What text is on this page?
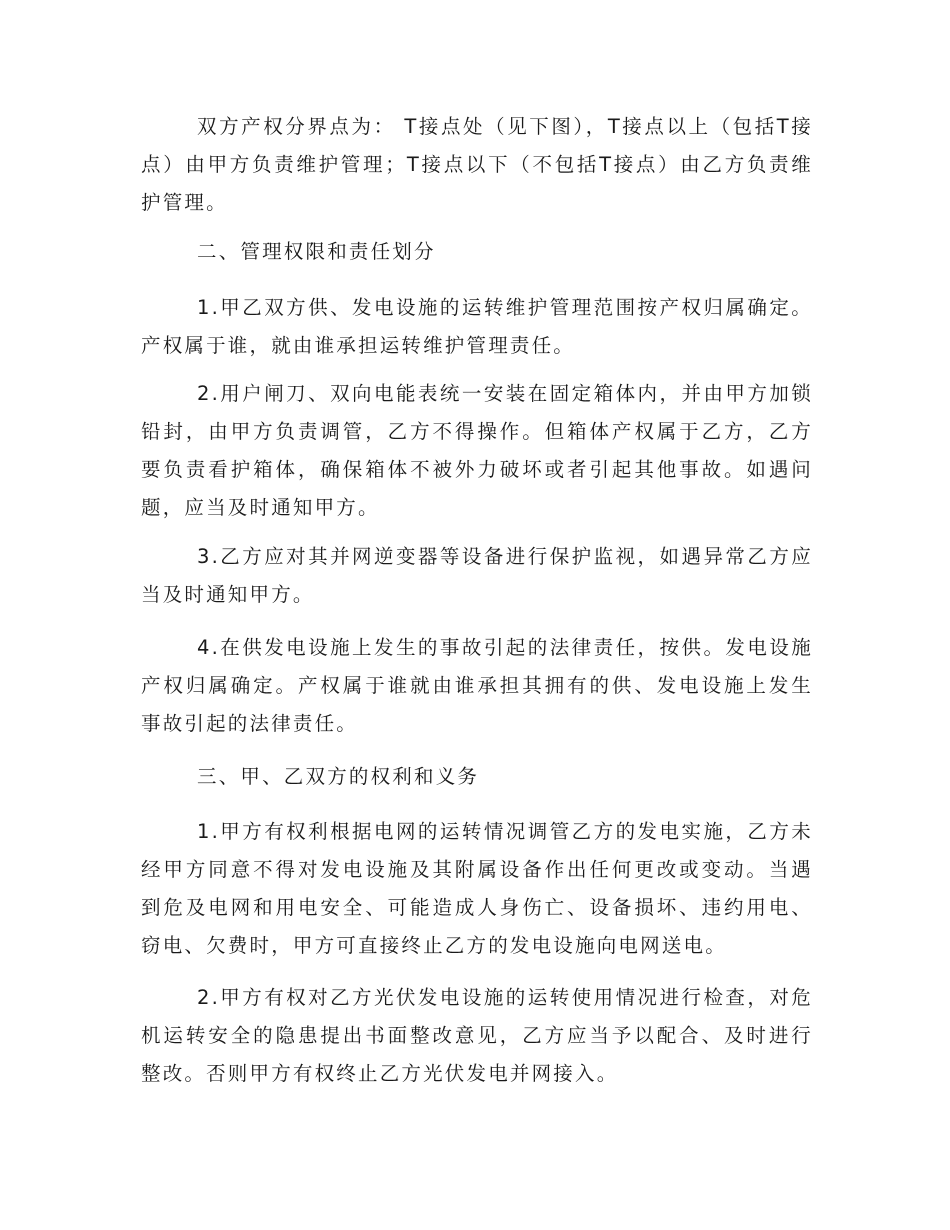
双方产权分界点为： T接点处（见下图），T接点以上（包括T接点）由甲方负责维护管理；T接点以下（不包括T接点）由乙方负责维护管理。

二、管理权限和责任划分

1.甲乙双方供、发电设施的运转维护管理范围按产权归属确定。产权属于谁，就由谁承担运转维护管理责任。

2.用户闸刀、双向电能表统一安装在固定箱体内，并由甲方加锁铅封，由甲方负责调管，乙方不得操作。但箱体产权属于乙方，乙方要负责看护箱体，确保箱体不被外力破坏或者引起其他事故。如遇问题，应当及时通知甲方。

3.乙方应对其并网逆变器等设备进行保护监视，如遇异常乙方应当及时通知甲方。

4.在供发电设施上发生的事故引起的法律责任，按供。发电设施产权归属确定。产权属于谁就由谁承担其拥有的供、发电设施上发生事故引起的法律责任。

三、甲、乙双方的权利和义务

1.甲方有权利根据电网的运转情况调管乙方的发电实施，乙方未经甲方同意不得对发电设施及其附属设备作出任何更改或变动。当遇到危及电网和用电安全、可能造成人身伤亡、设备损坏、违约用电、窃电、欠费时，甲方可直接终止乙方的发电设施向电网送电。

2.甲方有权对乙方光伏发电设施的运转使用情况进行检查，对危机运转安全的隐患提出书面整改意见，乙方应当予以配合、及时进行整改。否则甲方有权终止乙方光伏发电并网接入。
